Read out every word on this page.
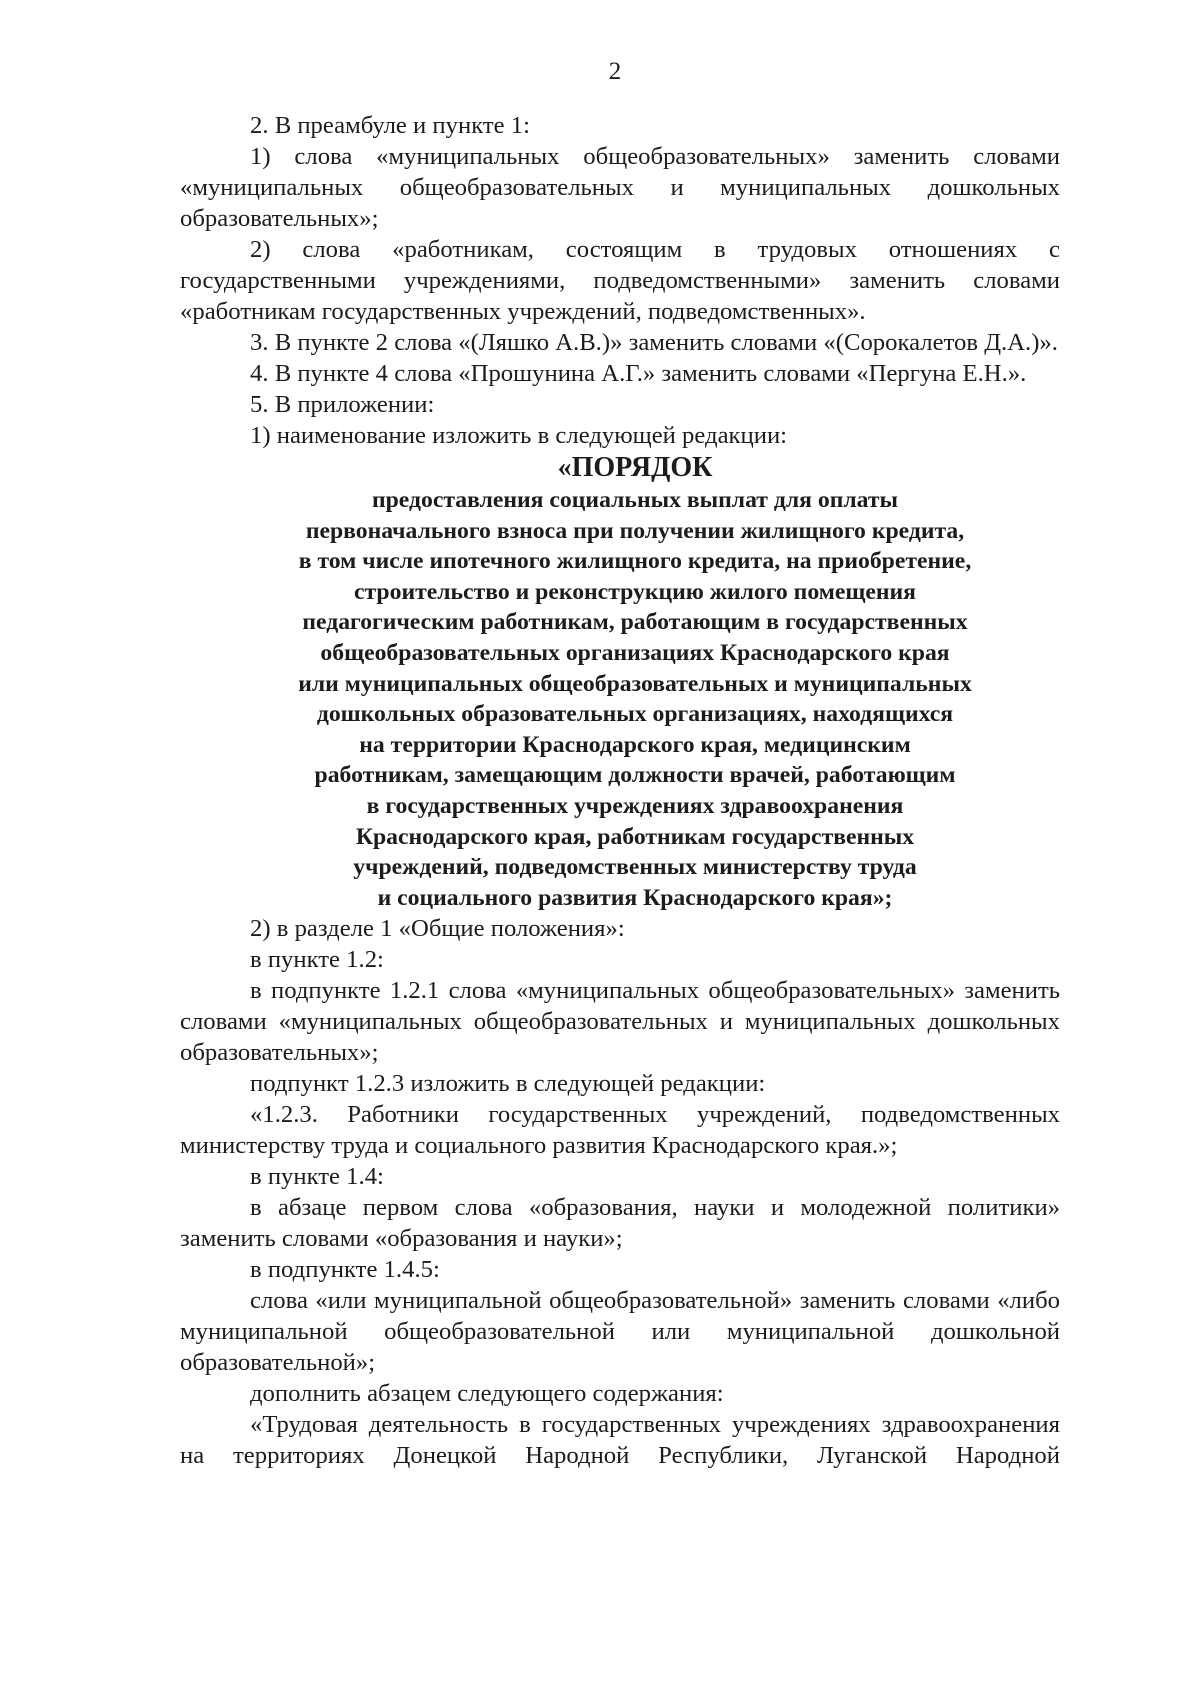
2

2. В преамбуле и пункте 1:

1) слова «муниципальных общеобразовательных» заменить словами «муниципальных общеобразовательных и муниципальных дошкольных образовательных»;

2) слова «работникам, состоящим в трудовых отношениях с государственными учреждениями, подведомственными» заменить словами «работникам государственных учреждений, подведомственных».

3. В пункте 2 слова «(Ляшко А.В.)» заменить словами «(Сорокалетов Д.А.)».

4. В пункте 4 слова «Прошунина А.Г.» заменить словами «Пергуна Е.Н.».

5. В приложении:

1) наименование изложить в следующей редакции:

«ПОРЯДОК

предоставления социальных выплат для оплаты
первоначального взноса при получении жилищного кредита,
в том числе ипотечного жилищного кредита, на приобретение,
строительство и реконструкцию жилого помещения
педагогическим работникам, работающим в государственных
общеобразовательных организациях Краснодарского края
или муниципальных общеобразовательных и муниципальных
дошкольных образовательных организациях, находящихся
на территории Краснодарского края, медицинским
работникам, замещающим должности врачей, работающим
в государственных учреждениях здравоохранения
Краснодарского края, работникам государственных
учреждений, подведомственных министерству труда
и социального развития Краснодарского края»;

2) в разделе 1 «Общие положения»:

в пункте 1.2:

в подпункте 1.2.1 слова «муниципальных общеобразовательных» заменить словами «муниципальных общеобразовательных и муниципальных дошкольных образовательных»;

подпункт 1.2.3 изложить в следующей редакции:

«1.2.3. Работники государственных учреждений, подведомственных министерству труда и социального развития Краснодарского края.»;

в пункте 1.4:

в абзаце первом слова «образования, науки и молодежной политики» заменить словами «образования и науки»;

в подпункте 1.4.5:

слова «или муниципальной общеобразовательной» заменить словами «либо муниципальной общеобразовательной или муниципальной дошкольной образовательной»;

дополнить абзацем следующего содержания:

«Трудовая деятельность в государственных учреждениях здравоохранения на территориях Донецкой Народной Республики, Луганской Народной
